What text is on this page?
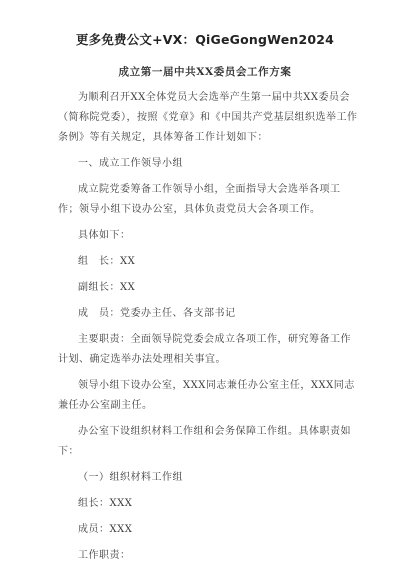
更多免费公文+VX：QiGeGongWen2024
成立第一届中共XX委员会工作方案

为顺利召开XX全体党员大会选举产生第一届中共XX委员会（简称院党委），按照《党章》和《中国共产党基层组织选举工作条例》等有关规定，具体筹备工作计划如下：

一、成立工作领导小组

成立院党委筹备工作领导小组，全面指导大会选举各项工作；领导小组下设办公室，具体负责党员大会各项工作。

具体如下：

组　长：XX

副组长：XX

成　员：党委办主任、各支部书记

主要职责：全面领导院党委会成立各项工作，研究筹备工作计划、确定选举办法处理相关事宜。

领导小组下设办公室，XXX同志兼任办公室主任，XXX同志兼任办公室副主任。

办公室下设组织材料工作组和会务保障工作组。具体职责如下：

（一）组织材料工作组

组长：XXX

成员：XXX

工作职责：
